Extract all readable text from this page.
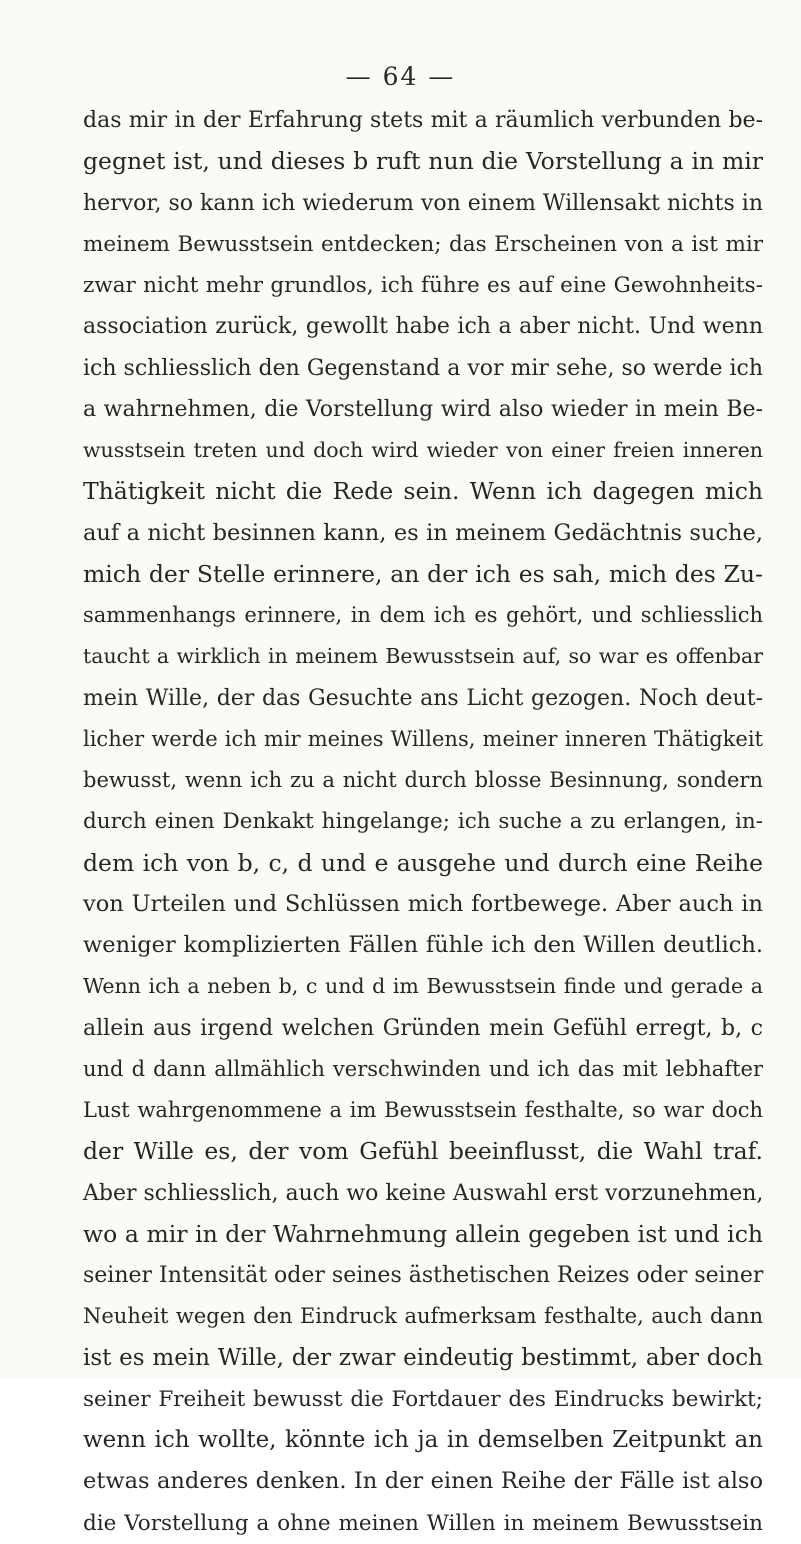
— 64 —
das mir in der Erfahrung stets mit a räumlich verbunden be-
gegnet ist, und dieses b ruft nun die Vorstellung a in mir
hervor, so kann ich wiederum von einem Willensakt nichts in
meinem Bewusstsein entdecken; das Erscheinen von a ist mir
zwar nicht mehr grundlos, ich führe es auf eine Gewohnheits-
association zurück, gewollt habe ich a aber nicht. Und wenn
ich schliesslich den Gegenstand a vor mir sehe, so werde ich
a wahrnehmen, die Vorstellung wird also wieder in mein Be-
wusstsein treten und doch wird wieder von einer freien inneren
Thätigkeit nicht die Rede sein. Wenn ich dagegen mich
auf a nicht besinnen kann, es in meinem Gedächtnis suche,
mich der Stelle erinnere, an der ich es sah, mich des Zu-
sammenhangs erinnere, in dem ich es gehört, und schliesslich
taucht a wirklich in meinem Bewusstsein auf, so war es offenbar
mein Wille, der das Gesuchte ans Licht gezogen. Noch deut-
licher werde ich mir meines Willens, meiner inneren Thätigkeit
bewusst, wenn ich zu a nicht durch blosse Besinnung, sondern
durch einen Denkakt hingelange; ich suche a zu erlangen, in-
dem ich von b, c, d und e ausgehe und durch eine Reihe
von Urteilen und Schlüssen mich fortbewege. Aber auch in
weniger komplizierten Fällen fühle ich den Willen deutlich.
Wenn ich a neben b, c und d im Bewusstsein finde und gerade a
allein aus irgend welchen Gründen mein Gefühl erregt, b, c
und d dann allmählich verschwinden und ich das mit lebhafter
Lust wahrgenommene a im Bewusstsein festhalte, so war doch
der Wille es, der vom Gefühl beeinflusst, die Wahl traf.
Aber schliesslich, auch wo keine Auswahl erst vorzunehmen,
wo a mir in der Wahrnehmung allein gegeben ist und ich
seiner Intensität oder seines ästhetischen Reizes oder seiner
Neuheit wegen den Eindruck aufmerksam festhalte, auch dann
ist es mein Wille, der zwar eindeutig bestimmt, aber doch
seiner Freiheit bewusst die Fortdauer des Eindrucks bewirkt;
wenn ich wollte, könnte ich ja in demselben Zeitpunkt an
etwas anderes denken. In der einen Reihe der Fälle ist also
die Vorstellung a ohne meinen Willen in meinem Bewusstsein
